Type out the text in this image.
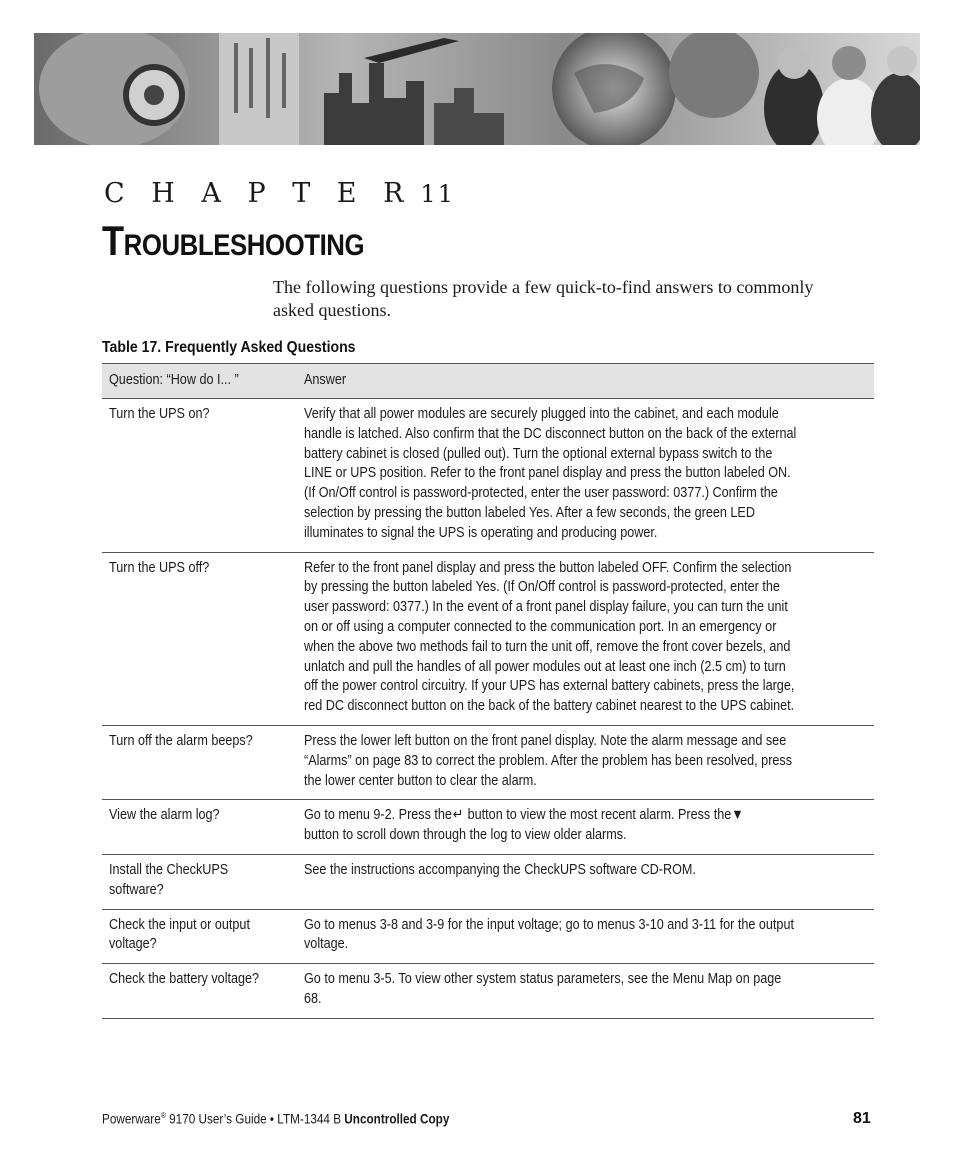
C H A P T E R 11
TROUBLESHOOTING
The following questions provide a few quick-to-find answers to commonly asked questions.
Table 17. Frequently Asked Questions
Question: “How do I... ”	Answer

Turn the UPS on?	Verify that all power modules are securely plugged into the cabinet, and each module handle is latched. Also confirm that the DC disconnect button on the back of the external battery cabinet is closed (pulled out). Turn the optional external bypass switch to the LINE or UPS position. Refer to the front panel display and press the button labeled ON. (If On/Off control is password-protected, enter the user password: 0377.) Confirm the selection by pressing the button labeled Yes. After a few seconds, the green LED illuminates to signal the UPS is operating and producing power.

Turn the UPS off?	Refer to the front panel display and press the button labeled OFF. Confirm the selection by pressing the button labeled Yes. (If On/Off control is password-protected, enter the user password: 0377.) In the event of a front panel display failure, you can turn the unit on or off using a computer connected to the communication port. In an emergency or when the above two methods fail to turn the unit off, remove the front cover bezels, and unlatch and pull the handles of all power modules out at least one inch (2.5 cm) to turn off the power control circuitry. If your UPS has external battery cabinets, press the large, red DC disconnect button on the back of the battery cabinet nearest to the UPS cabinet.

Turn off the alarm beeps?	Press the lower left button on the front panel display. Note the alarm message and see “Alarms” on page 83 to correct the problem. After the problem has been resolved, press the lower center button to clear the alarm.

View the alarm log?	Go to menu 9-2. Press the↵ button to view the most recent alarm. Press the▼
button to scroll down through the log to view older alarms.

Install the CheckUPS software?	See the instructions accompanying the CheckUPS software CD-ROM.

Check the input or output voltage?	Go to menus 3-8 and 3-9 for the input voltage; go to menus 3-10 and 3-11 for the output voltage.

Check the battery voltage?	Go to menu 3-5. To view other system status parameters, see the Menu Map on page 68.
Powerware® 9170 User’s Guide • LTM-1344 B Uncontrolled Copy	81
